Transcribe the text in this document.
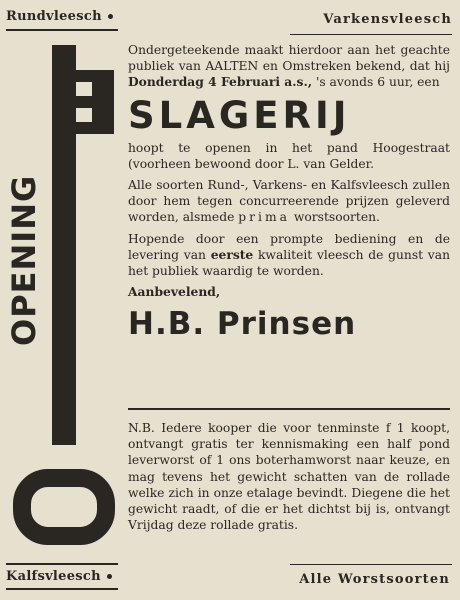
Rundvleesch	Varkensvleesch
Kalfsvleesch	Alle Worstsoorten
OPENING

Ondergeteekende maakt hierdoor aan het geachte publiek van AALTEN en Omstreken bekend, dat hij Donderdag 4 Februari a.s., 's avonds 6 uur, een

SLAGERIJ

hoopt te openen in het pand Hoogestraat (voorheen bewoond door L. van Gelder.

Alle soorten Rund-, Varkens- en Kalfsvleesch zullen door hem tegen concurreerende prijzen geleverd worden, alsmede prima worstsoorten.

Hopende door een prompte bediening en de levering van eerste kwaliteit vleesch de gunst van het publiek waardig te worden.

Aanbevelend,

H.B. Prinsen

N.B. Iedere kooper die voor tenminste f 1 koopt, ontvangt gratis ter kennismaking een half pond leverworst of 1 ons boterhamworst naar keuze, en mag tevens het gewicht schatten van de rollade welke zich in onze etalage bevindt. Diegene die het gewicht raadt, of die er het dichtst bij is, ontvangt Vrijdag deze rollade gratis.
